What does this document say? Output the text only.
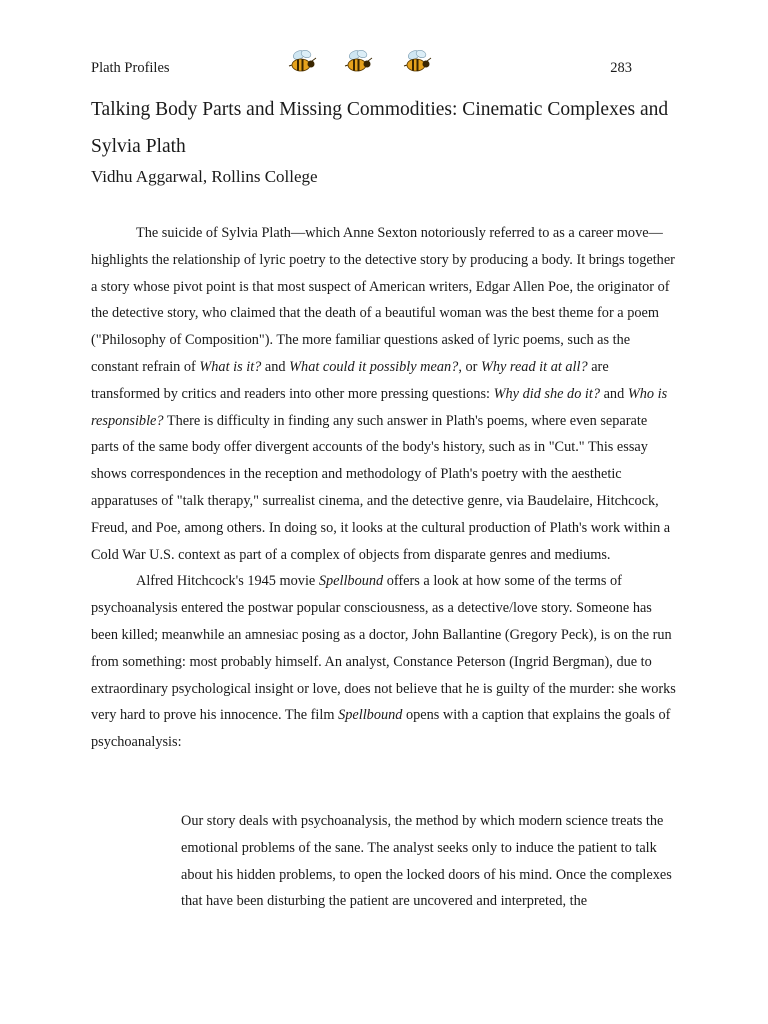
Plath Profiles	283
Talking Body Parts and Missing Commodities: Cinematic Complexes and Sylvia Plath

Vidhu Aggarwal, Rollins College

The suicide of Sylvia Plath—which Anne Sexton notoriously referred to as a career move—highlights the relationship of lyric poetry to the detective story by producing a body. It brings together a story whose pivot point is that most suspect of American writers, Edgar Allen Poe, the originator of the detective story, who claimed that the death of a beautiful woman was the best theme for a poem ("Philosophy of Composition"). The more familiar questions asked of lyric poems, such as the constant refrain of What is it? and What could it possibly mean?, or Why read it at all? are transformed by critics and readers into other more pressing questions: Why did she do it? and Who is responsible? There is difficulty in finding any such answer in Plath's poems, where even separate parts of the same body offer divergent accounts of the body's history, such as in "Cut." This essay shows correspondences in the reception and methodology of Plath's poetry with the aesthetic apparatuses of "talk therapy," surrealist cinema, and the detective genre, via Baudelaire, Hitchcock, Freud, and Poe, among others. In doing so, it looks at the cultural production of Plath's work within a Cold War U.S. context as part of a complex of objects from disparate genres and mediums.

Alfred Hitchcock's 1945 movie Spellbound offers a look at how some of the terms of psychoanalysis entered the postwar popular consciousness, as a detective/love story. Someone has been killed; meanwhile an amnesiac posing as a doctor, John Ballantine (Gregory Peck), is on the run from something: most probably himself. An analyst, Constance Peterson (Ingrid Bergman), due to extraordinary psychological insight or love, does not believe that he is guilty of the murder: she works very hard to prove his innocence. The film Spellbound opens with a caption that explains the goals of psychoanalysis:

Our story deals with psychoanalysis, the method by which modern science treats the emotional problems of the sane. The analyst seeks only to induce the patient to talk about his hidden problems, to open the locked doors of his mind. Once the complexes that have been disturbing the patient are uncovered and interpreted, the
